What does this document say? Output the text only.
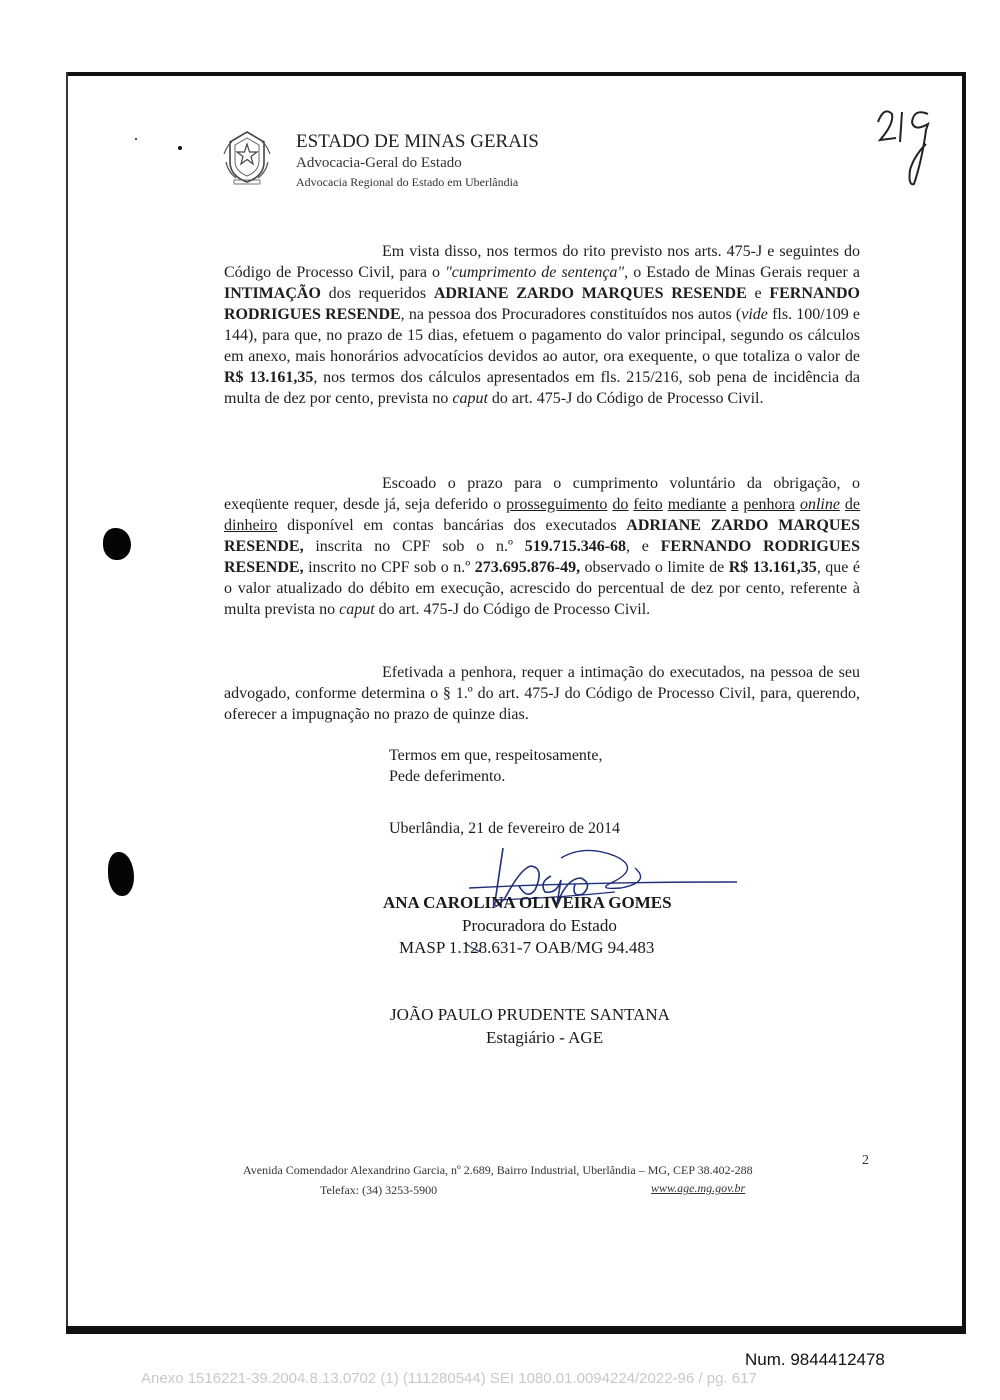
ESTADO DE MINAS GERAIS
Advocacia-Geral do Estado
Advocacia Regional do Estado em Uberlândia
Em vista disso, nos termos do rito previsto nos arts. 475-J e seguintes do Código de Processo Civil, para o "cumprimento de sentença", o Estado de Minas Gerais requer a INTIMAÇÃO dos requeridos ADRIANE ZARDO MARQUES RESENDE e FERNANDO RODRIGUES RESENDE, na pessoa dos Procuradores constituídos nos autos (vide fls. 100/109 e 144), para que, no prazo de 15 dias, efetuem o pagamento do valor principal, segundo os cálculos em anexo, mais honorários advocatícios devidos ao autor, ora exequente, o que totaliza o valor de R$ 13.161,35, nos termos dos cálculos apresentados em fls. 215/216, sob pena de incidência da multa de dez por cento, prevista no caput do art. 475-J do Código de Processo Civil.
Escoado o prazo para o cumprimento voluntário da obrigação, o exeqüente requer, desde já, seja deferido o prosseguimento do feito mediante a penhora online de dinheiro disponível em contas bancárias dos executados ADRIANE ZARDO MARQUES RESENDE, inscrita no CPF sob o n.º 519.715.346-68, e FERNANDO RODRIGUES RESENDE, inscrito no CPF sob o n.º 273.695.876-49, observado o limite de R$ 13.161,35, que é o valor atualizado do débito em execução, acrescido do percentual de dez por cento, referente à multa prevista no caput do art. 475-J do Código de Processo Civil.
Efetivada a penhora, requer a intimação do executados, na pessoa de seu advogado, conforme determina o § 1.º do art. 475-J do Código de Processo Civil, para, querendo, oferecer a impugnação no prazo de quinze dias.
Termos em que, respeitosamente,
Pede deferimento.
Uberlândia, 21 de fevereiro de 2014
ANA CAROLINA OLIVEIRA GOMES
Procuradora do Estado
MASP 1.128.631-7 OAB/MG 94.483
JOÃO PAULO PRUDENTE SANTANA
Estagiário - AGE
Avenida Comendador Alexandrino Garcia, nº 2.689, Bairro Industrial, Uberlândia – MG, CEP 38.402-288
Telefax: (34) 3253-5900	www.age.mg.gov.br
2
Num. 9844412478
Anexo 1516221-39.2004.8.13.0702 (1) (111280544) SEI 1080.01.0094224/2022-96 / pg. 617
